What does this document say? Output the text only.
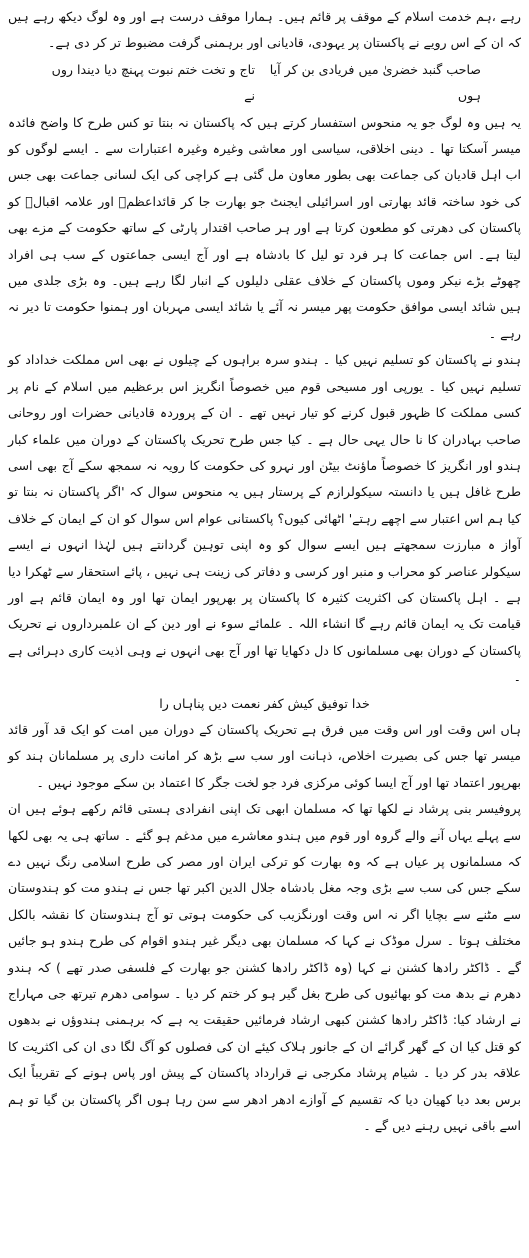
رہے ،ہم خدمت اسلام کے موقف پر قائم ہیں۔ ہمارا موقف درست ہے اور وہ لوگ دیکھ رہے ہیں کہ ان کے اس رویے نے پاکستان پر یہودی، قادیانی اور برہمنی گرفت مضبوط تر کر دی ہے۔

صاحب گنبد خضریٰ میں فریادی بن کر آیا ہوں
تاج و تخت ختم نبوت پہنچ دیا دیندا روں نے

یہ ہیں وہ لوگ جو یہ منحوس استفسار کرتے ہیں کہ پاکستان نہ بنتا تو کس طرح کا واضح فائدہ میسر آسکتا تھا ۔ دینی اخلاقی، سیاسی اور معاشی وغیرہ وغیرہ اعتبارات سے ۔ ایسے لوگوں کو اب اہل قادیان کی جماعت بھی بطور معاون مل گئی ہے کراچی کی ایک لسانی جماعت بھی جس کی خود ساختہ قائد بھارتی اور اسرائیلی ایجنٹ جو بھارت جا کر قائداعظمؒ اور علامہ اقبالؒ کو پاکستان کی دھرتی کو مطعون کرتا ہے اور ہر صاحب اقتدار پارٹی کے ساتھ حکومت کے مزے بھی لیتا ہے۔ اس جماعت کا ہر فرد تو لیل کا بادشاہ ہے اور آج ایسی جماعتوں کے سب ہی افراد چھوٹے بڑے نیکر وموں پاکستان کے خلاف عقلی دلیلوں کے انبار لگا رہے ہیں۔ وہ بڑی جلدی میں ہیں شائد ایسی موافق حکومت پھر میسر نہ آئے یا شائد ایسی مہربان اور ہمنوا حکومت تا دیر نہ رہے ۔

ہندو نے پاکستان کو تسلیم نہیں کیا ۔ ہندو سرہ براہوں کے چیلوں نے بھی اس مملکت خداداد کو تسلیم نہیں کیا ۔ یورپی اور مسیحی قوم میں خصوصاً انگریز اس برعظیم میں اسلام کے نام پر کسی مملکت کا ظہور قبول کرنے کو تیار نہیں تھے ۔ ان کے پروردہ قادیانی حضرات اور روحانی صاحب بہادران کا نا حال یہی حال ہے ۔ کیا جس طرح تحریک پاکستان کے دوران میں علماء کبار ہندو اور انگریز کا خصوصاً ماؤنٹ بیٹن اور نہرو کی حکومت کا رویہ نہ سمجھ سکے آج بھی اسی طرح غافل ہیں یا دانستہ سیکولرازم کے پرستار ہیں یہ منحوس سوال کہ 'اگر پاکستان نہ بنتا تو کیا ہم اس اعتبار سے اچھے رہتے' اٹھائی کیوں؟ پاکستانی عوام اس سوال کو ان کے ایمان کے خلاف آواز ہ مبارزت سمجھتے ہیں ایسے سوال کو وہ اپنی توہین گردانتے ہیں لہٰذا انہوں نے ایسے سیکولر عناصر کو محراب و منبر اور کرسی و دفاتر کی زینت ہی نہیں ، پائے استحقار سے ٹھکرا دیا ہے ۔ اہل پاکستان کی اکثریت کثیرہ کا پاکستان پر بھرپور ایمان تھا اور وہ ایمان قائم ہے اور قیامت تک یہ ایمان قائم رہے گا انشاء اللہ ۔ علمائے سوء نے اور دین کے ان علمبرداروں نے تحریک پاکستان کے دوران بھی مسلمانوں کا دل دکھایا تھا اور آج بھی انہوں نے وہی اذیت کاری دہرائی ہے ۔

خدا توفیق کیش کفر نعمت دیں پناہاں را

ہاں اس وقت اور اس وقت میں فرق ہے تحریک پاکستان کے دوران میں امت کو ایک قد آور قائد میسر تھا جس کی بصیرت اخلاص، ذہانت اور سب سے بڑھ کر امانت داری پر مسلمانان ہند کو بھرپور اعتماد تھا اور آج ایسا کوئی مرکزی فرد جو لخت جگر کا اعتماد بن سکے موجود نہیں ۔

پروفیسر بنی پرشاد نے لکھا تھا کہ مسلمان ابھی تک اپنی انفرادی ہستی قائم رکھے ہوئے ہیں ان سے پہلے یہاں آنے والے گروہ اور قوم میں ہندو معاشرے میں مدغم ہو گئے ۔ ساتھ ہی یہ بھی لکھا کہ مسلمانوں پر عیاں ہے کہ وہ بھارت کو ترکی ایران اور مصر کی طرح اسلامی رنگ نہیں دے سکے جس کی سب سے بڑی وجہ مغل بادشاہ جلال الدین اکبر تھا جس نے ہندو مت کو ہندوستان سے مٹنے سے بچایا اگر نہ اس وقت اورنگزیب کی حکومت ہوتی تو آج ہندوستان کا نقشہ بالکل مختلف ہوتا ۔ سرل موڈک نے کہا کہ مسلمان بھی دیگر غیر ہندو اقوام کی طرح ہندو ہو جائیں گے ۔ ڈاکٹر رادھا کشنن نے کہا (وہ ڈاکٹر رادھا کشنن جو بھارت کے فلسفی صدر تھے ) کہ ہندو دھرم نے بدھ مت کو بھائیوں کی طرح بغل گیر ہو کر ختم کر دیا ۔ سوامی دھرم تیرتھ جی مہاراج نے ارشاد کیا: ڈاکٹر رادھا کشنن کبھی ارشاد فرمائیں حقیقت یہ ہے کہ برہمنی ہندوؤں نے بدھوں کو قتل کیا ان کے گھر گرائے ان کے جانور ہلاک کیئے ان کی فصلوں کو آگ لگا دی ان کی اکثریت کا علاقہ بدر کر دیا ۔ شیام پرشاد مکرجی نے قرارداد پاکستان کے پیش اور پاس ہونے کے تقریباً ایک برس بعد دیا کھیان دیا کہ تقسیم کے آوازے ادھر ادھر سے سن رہا ہوں اگر پاکستان بن گیا تو ہم اسے باقی نہیں رہنے دیں گے ۔
